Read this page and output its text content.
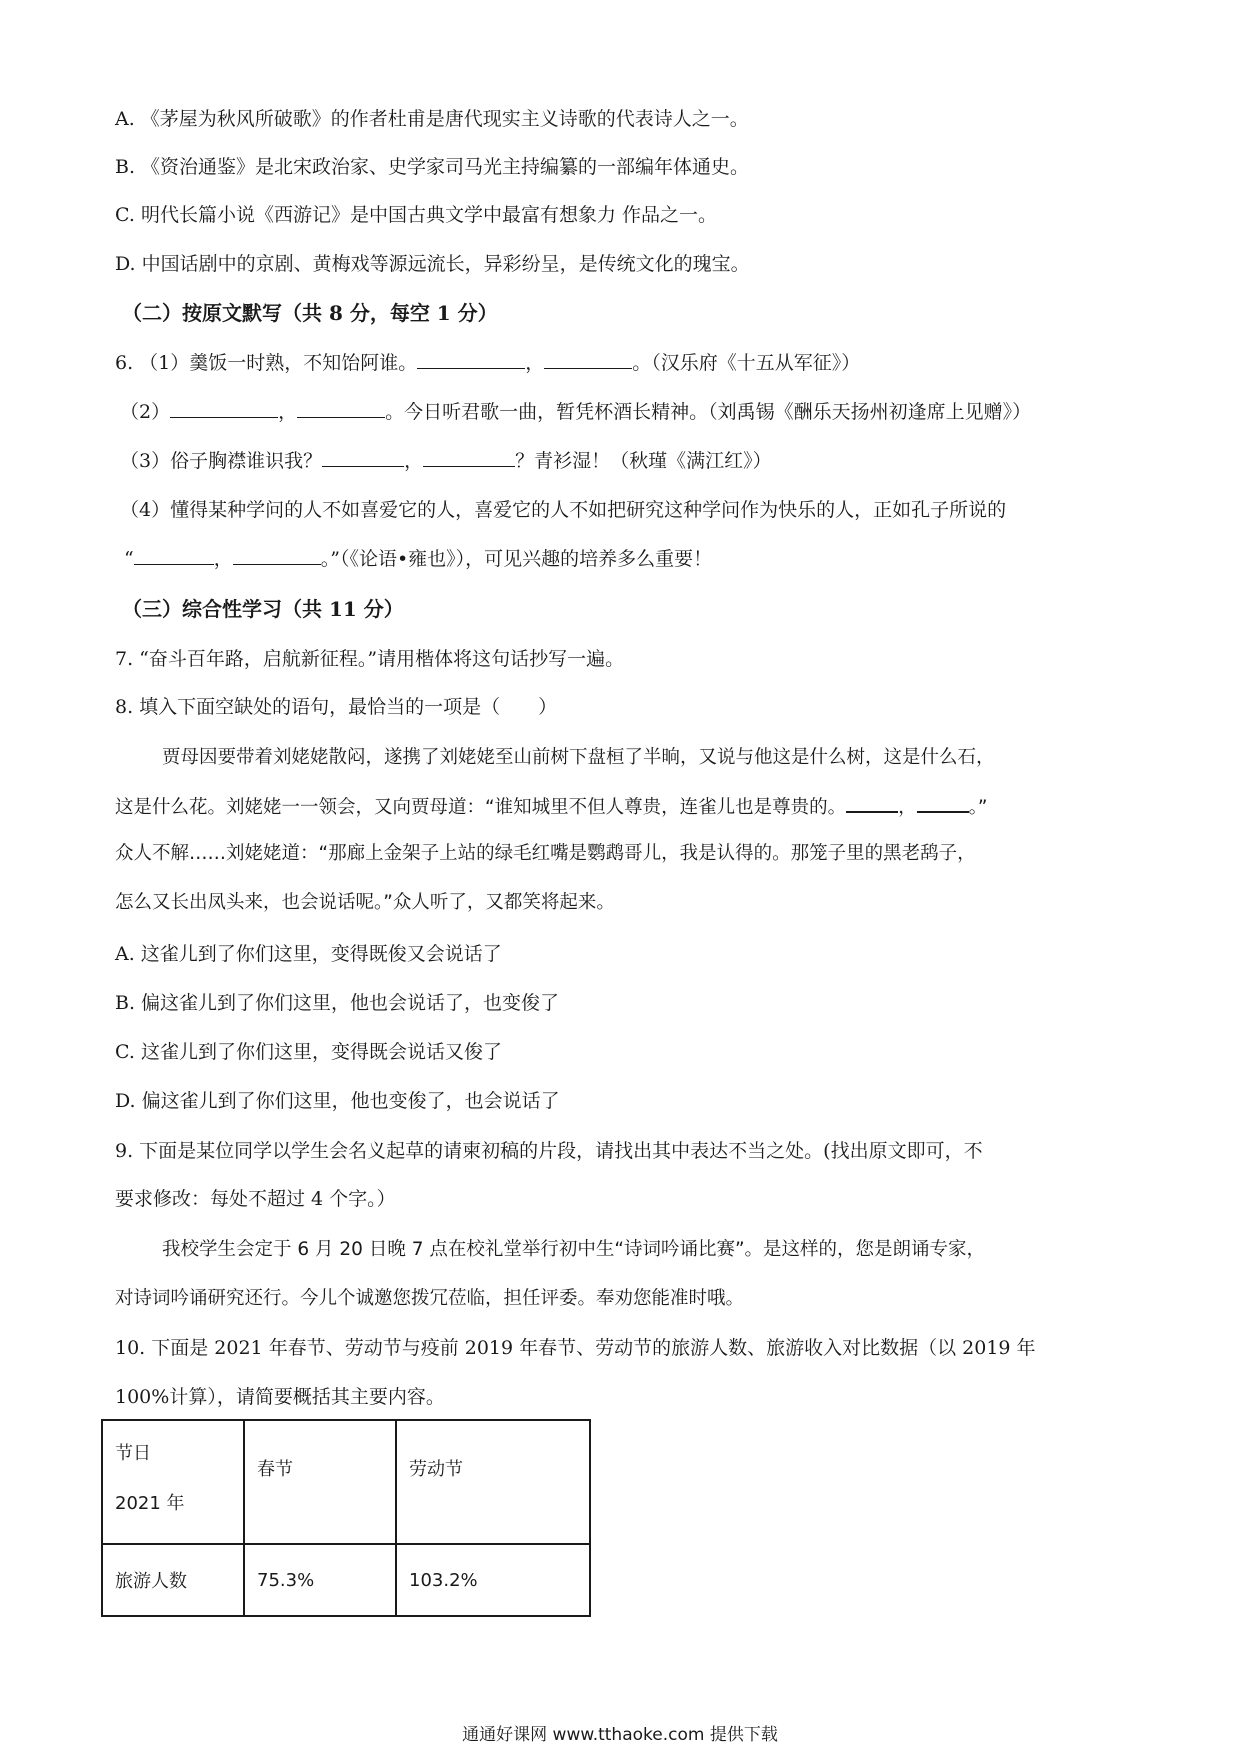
A. 《茅屋为秋风所破歌》的作者杜甫是唐代现实主义诗歌的代表诗人之一。
B. 《资治通鉴》是北宋政治家、史学家司马光主持编纂的一部编年体通史。
C. 明代长篇小说《西游记》是中国古典文学中最富有想象力 作品之一。
D. 中国话剧中的京剧、黄梅戏等源远流长，异彩纷呈，是传统文化的瑰宝。
（二）按原文默写（共 8 分，每空 1 分）
6. （1）羹饭一时熟，不知饴阿谁。	，	。（汉乐府《十五从军征》）
（2）	，	。今日听君歌一曲，暂凭杯酒长精神。（刘禹锡《酬乐天扬州初逢席上见赠》）
（3）俗子胸襟谁识我？	，	？青衫湿！（秋瑾《满江红》）
（4）懂得某种学问的人不如喜爱它的人，喜爱它的人不如把研究这种学问作为快乐的人，正如孔子所说的
“	，	。”（《论语•雍也》），可见兴趣的培养多么重要！
（三）综合性学习（共 11 分）
7. “奋斗百年路，启航新征程。”请用楷体将这句话抄写一遍。
8. 填入下面空缺处的语句，最恰当的一项是（　　）
贾母因要带着刘姥姥散闷，遂携了刘姥姥至山前树下盘桓了半晌，又说与他这是什么树，这是什么石，
这是什么花。刘姥姥一一领会，又向贾母道：“谁知城里不但人尊贵，连雀儿也是尊贵的。	，	。”
众人不解……刘姥姥道：“那廊上金架子上站的绿毛红嘴是鹦鹉哥儿，我是认得的。那笼子里的黑老鸹子，
怎么又长出凤头来，也会说话呢。”众人听了，又都笑将起来。
A. 这雀儿到了你们这里，变得既俊又会说话了
B. 偏这雀儿到了你们这里，他也会说话了，也变俊了
C. 这雀儿到了你们这里，变得既会说话又俊了
D. 偏这雀儿到了你们这里，他也变俊了，也会说话了
9. 下面是某位同学以学生会名义起草的请柬初稿的片段，请找出其中表达不当之处。(找出原文即可，不
要求修改：每处不超过 4 个字。）
我校学生会定于 6 月 20 日晚 7 点在校礼堂举行初中生“诗词吟诵比赛”。是这样的，您是朗诵专家，
对诗词吟诵研究还行。今儿个诚邀您拨冗莅临，担任评委。奉劝您能准时哦。
10. 下面是 2021 年春节、劳动节与疫前 2019 年春节、劳动节的旅游人数、旅游收入对比数据（以 2019 年
100%计算），请简要概括其主要内容。
节日
2021 年	春节	劳动节
旅游人数	75.3%	103.2%
通通好课网 www.tthaoke.com 提供下载
